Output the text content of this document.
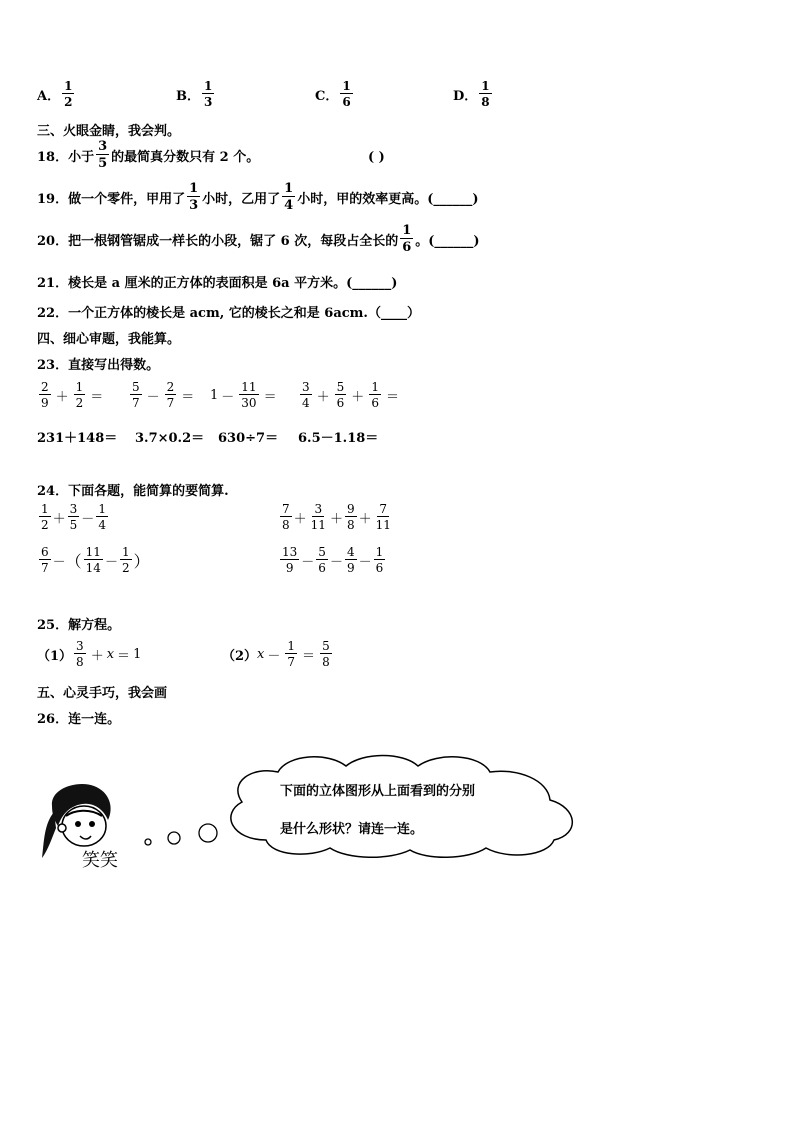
A． $\frac{1}{2}$	B． $\frac{1}{3}$	C． $\frac{1}{6}$	D． $\frac{1}{8}$
三、火眼金睛，我会判。
18． 小于 $\frac{3}{5}$ 的最简真分数只有 2 个。	( )
19． 做一个零件，甲用了 $\frac{1}{3}$ 小时，乙用了 $\frac{1}{4}$ 小时，甲的效率更高。(______)
20． 把一根钢管锯成一样长的小段，锯了 6 次，每段占全长的 $\frac{1}{6}$ 。(______)
21．棱长是 a 厘米的正方体的表面积是 6a 平方米。(______)
22．一个正方体的棱长是 acm, 它的棱长之和是 6acm.（____）
四、细心审题，我能算。
23．直接写出得数。
$\frac{2}{9} + \frac{1}{2} = \frac{5}{7} - \frac{2}{7} = 1 - \frac{11}{30} = \frac{3}{4} + \frac{5}{6} + \frac{1}{6}$ ＝
231＋148＝ 3.7×0.2＝ 630÷7＝ 6.5－1.18＝
24．下面各题，能简算的要简算.
$\frac{1}{2} + \frac{3}{5} - \frac{1}{4}$	$\frac{7}{8} + \frac{3}{11} + \frac{9}{8} + \frac{7}{11}$
$\frac{6}{7}$ － （ $\frac{11}{14} - \frac{1}{2}$ ）	$\frac{13}{9} - \frac{5}{6} - \frac{4}{9} - \frac{1}{6}$
25．解方程。
$(1) \frac{3}{8} + x = 1$	（2） $x - \frac{1}{7} = \frac{5}{8}$
五、心灵手巧，我会画
26．连一连。
笑笑
下面的立体图形从上面看到的分别
是什么形状？请连一连。
